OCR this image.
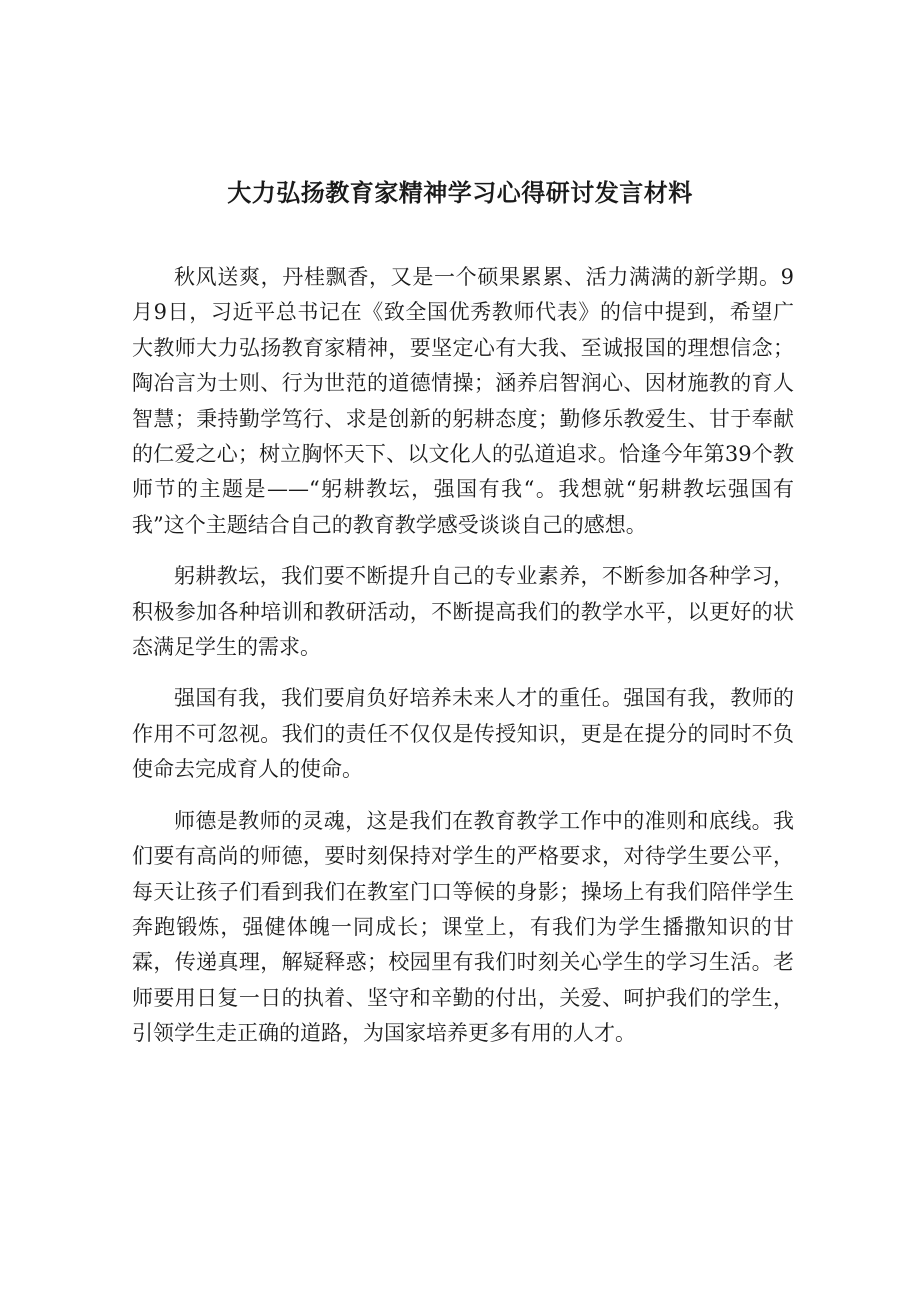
大力弘扬教育家精神学习心得研讨发言材料

秋风送爽，丹桂飘香，又是一个硕果累累、活力满满的新学期。9月9日，习近平总书记在《致全国优秀教师代表》的信中提到，希望广大教师大力弘扬教育家精神，要坚定心有大我、至诚报国的理想信念；陶冶言为士则、行为世范的道德情操；涵养启智润心、因材施教的育人智慧；秉持勤学笃行、求是创新的躬耕态度；勤修乐教爱生、甘于奉献的仁爱之心；树立胸怀天下、以文化人的弘道追求。恰逢今年第39个教师节的主题是——“躬耕教坛，强国有我“。我想就“躬耕教坛强国有我”这个主题结合自己的教育教学感受谈谈自己的感想。

躬耕教坛，我们要不断提升自己的专业素养，不断参加各种学习，积极参加各种培训和教研活动，不断提高我们的教学水平，以更好的状态满足学生的需求。

强国有我，我们要肩负好培养未来人才的重任。强国有我，教师的作用不可忽视。我们的责任不仅仅是传授知识，更是在提分的同时不负使命去完成育人的使命。

师德是教师的灵魂，这是我们在教育教学工作中的准则和底线。我们要有高尚的师德，要时刻保持对学生的严格要求，对待学生要公平，每天让孩子们看到我们在教室门口等候的身影；操场上有我们陪伴学生奔跑锻炼，强健体魄一同成长；课堂上，有我们为学生播撒知识的甘霖，传递真理，解疑释惑；校园里有我们时刻关心学生的学习生活。老师要用日复一日的执着、坚守和辛勤的付出，关爱、呵护我们的学生，引领学生走正确的道路，为国家培养更多有用的人才。
